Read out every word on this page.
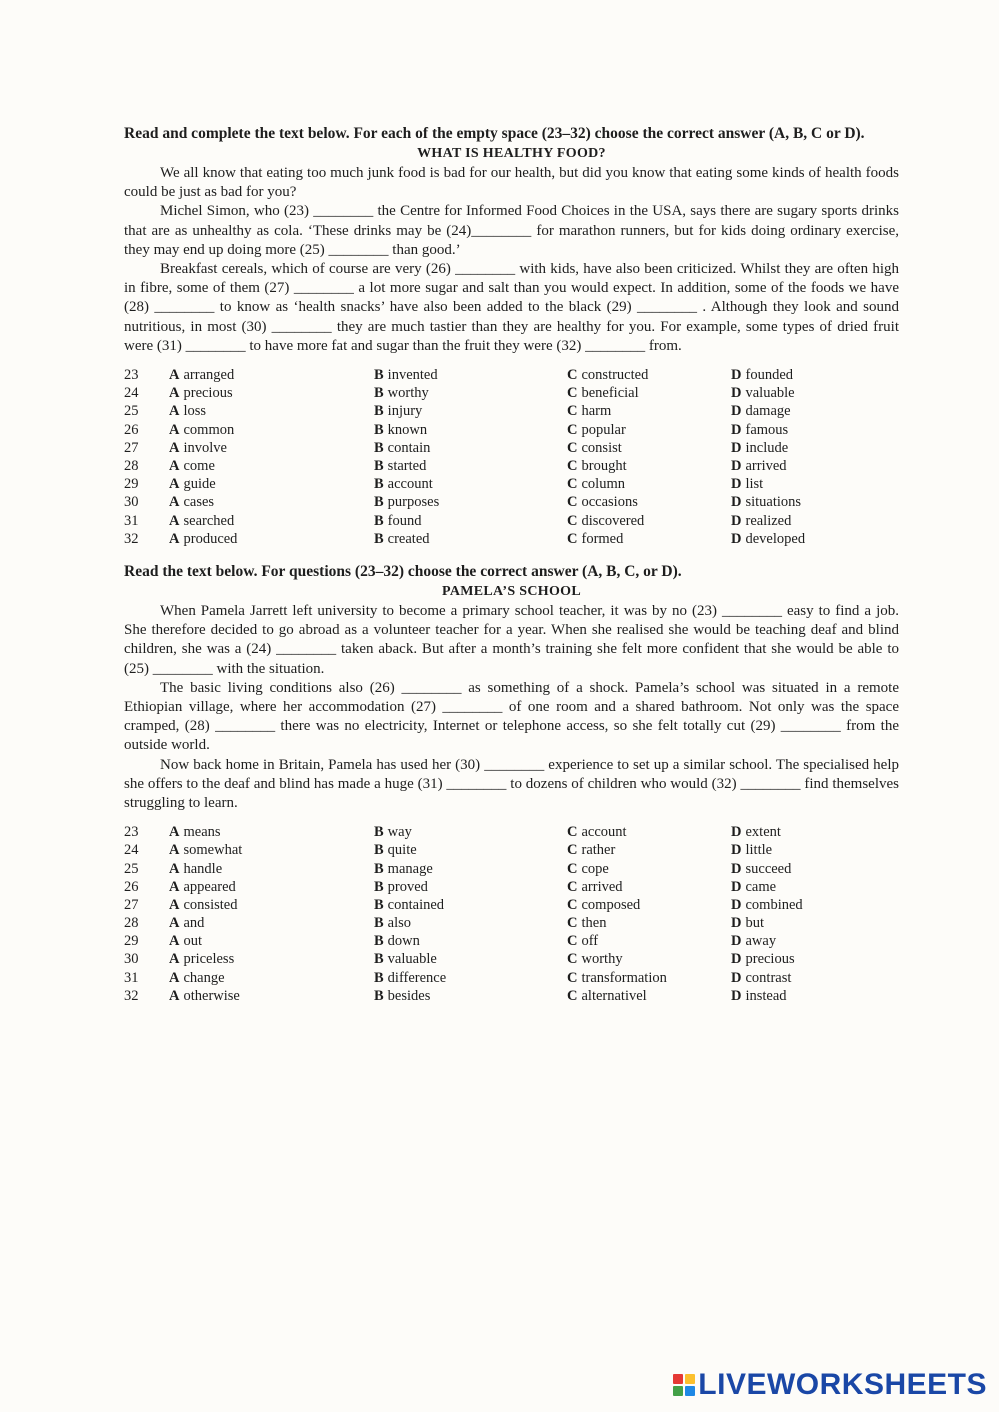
Read and complete the text below. For each of the empty space (23–32) choose the correct answer (A, B, C or D).

WHAT IS HEALTHY FOOD?

We all know that eating too much junk food is bad for our health, but did you know that eating some kinds of health foods could be just as bad for you?

Michel Simon, who (23) ________ the Centre for Informed Food Choices in the USA, says there are sugary sports drinks that are as unhealthy as cola. ‘These drinks may be (24)________ for marathon runners, but for kids doing ordinary exercise, they may end up doing more (25) ________ than good.’

Breakfast cereals, which of course are very (26) ________ with kids, have also been criticized. Whilst they are often high in fibre, some of them (27) ________ a lot more sugar and salt than you would expect. In addition, some of the foods we have (28) ________ to know as ‘health snacks’ have also been added to the black (29) ________ . Although they look and sound nutritious, in most (30) ________ they are much tastier than they are healthy for you. For example, some types of dried fruit were (31) ________ to have more fat and sugar than the fruit they were (32) ________ from.

23	A arranged	B invented	C constructed	D founded
24	A precious	B worthy	C beneficial	D valuable
25	A loss	B injury	C harm	D damage
26	A common	B known	C popular	D famous
27	A involve	B contain	C consist	D include
28	A come	B started	C brought	D arrived
29	A guide	B account	C column	D list
30	A cases	B purposes	C occasions	D situations
31	A searched	B found	C discovered	D realized
32	A produced	B created	C formed	D developed

Read the text below. For questions (23–32) choose the correct answer (A, B, C, or D).

PAMELA’S SCHOOL

When Pamela Jarrett left university to become a primary school teacher, it was by no (23) ________ easy to find a job. She therefore decided to go abroad as a volunteer teacher for a year. When she realised she would be teaching deaf and blind children, she was a (24) ________ taken aback. But after a month’s training she felt more confident that she would be able to (25) ________ with the situation.

The basic living conditions also (26) ________ as something of a shock. Pamela’s school was situated in a remote Ethiopian village, where her accommodation (27) ________ of one room and a shared bathroom. Not only was the space cramped, (28) ________ there was no electricity, Internet or telephone access, so she felt totally cut (29) ________ from the outside world.

Now back home in Britain, Pamela has used her (30) ________ experience to set up a similar school. The specialised help she offers to the deaf and blind has made a huge (31) ________ to dozens of children who would (32) ________ find themselves struggling to learn.

23	A means	B way	C account	D extent
24	A somewhat	B quite	C rather	D little
25	A handle	B manage	C cope	D succeed
26	A appeared	B proved	C arrived	D came
27	A consisted	B contained	C composed	D combined
28	A and	B also	C then	D but
29	A out	B down	C off	D away
30	A priceless	B valuable	C worthy	D precious
31	A change	B difference	C transformation	D contrast
32	A otherwise	B besides	C alternativel	D instead
LIVEWORKSHEETS
